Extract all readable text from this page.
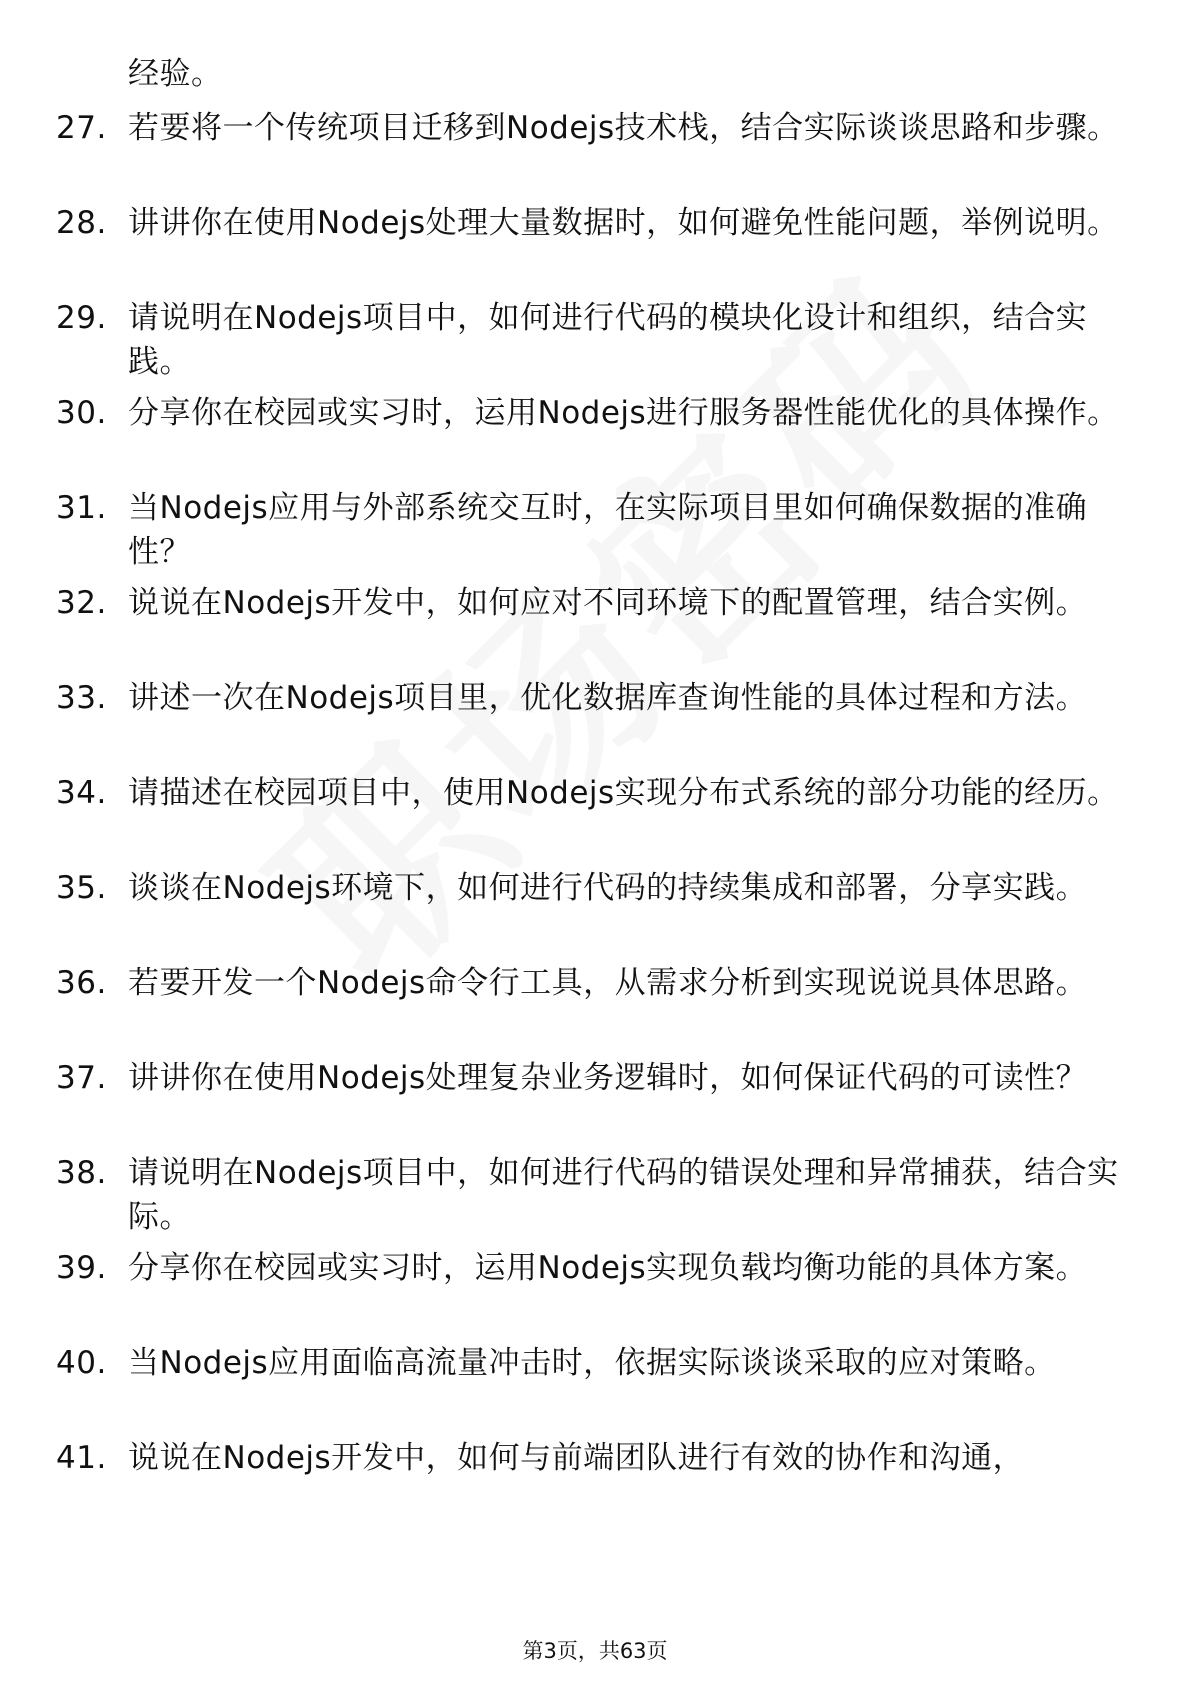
经验。
27. 若要将一个传统项目迁移到Nodejs技术栈，结合实际谈谈思路和步骤。
28. 讲讲你在使用Nodejs处理大量数据时，如何避免性能问题，举例说明。
29. 请说明在Nodejs项目中，如何进行代码的模块化设计和组织，结合实践。
30. 分享你在校园或实习时，运用Nodejs进行服务器性能优化的具体操作。
31. 当Nodejs应用与外部系统交互时，在实际项目里如何确保数据的准确性？
32. 说说在Nodejs开发中，如何应对不同环境下的配置管理，结合实例。
33. 讲述一次在Nodejs项目里，优化数据库查询性能的具体过程和方法。
34. 请描述在校园项目中，使用Nodejs实现分布式系统的部分功能的经历。
35. 谈谈在Nodejs环境下，如何进行代码的持续集成和部署，分享实践。
36. 若要开发一个Nodejs命令行工具，从需求分析到实现说说具体思路。
37. 讲讲你在使用Nodejs处理复杂业务逻辑时，如何保证代码的可读性？
38. 请说明在Nodejs项目中，如何进行代码的错误处理和异常捕获，结合实际。
39. 分享你在校园或实习时，运用Nodejs实现负载均衡功能的具体方案。
40. 当Nodejs应用面临高流量冲击时，依据实际谈谈采取的应对策略。
41. 说说在Nodejs开发中，如何与前端团队进行有效的协作和沟通，
第3页，共63页
